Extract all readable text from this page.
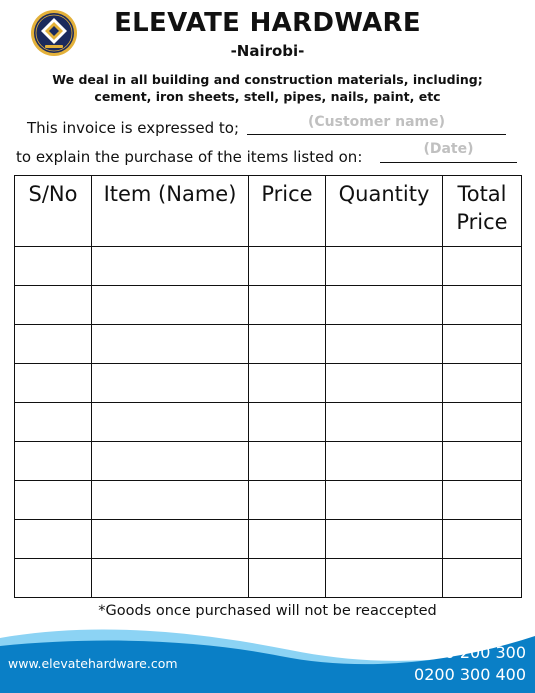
ELEVATE HARDWARE
-Nairobi-
We deal in all building and construction materials, including;
cement, iron sheets, stell, pipes, nails, paint, etc
This invoice is expressed to;	(Customer name)
to explain the purchase of the items listed on:	(Date)
S/No	Item (Name)	Price	Quantity	Total Price

*Goods once purchased will not be reaccepted
www.elevatehardware.com
0100 200 300
0200 300 400
